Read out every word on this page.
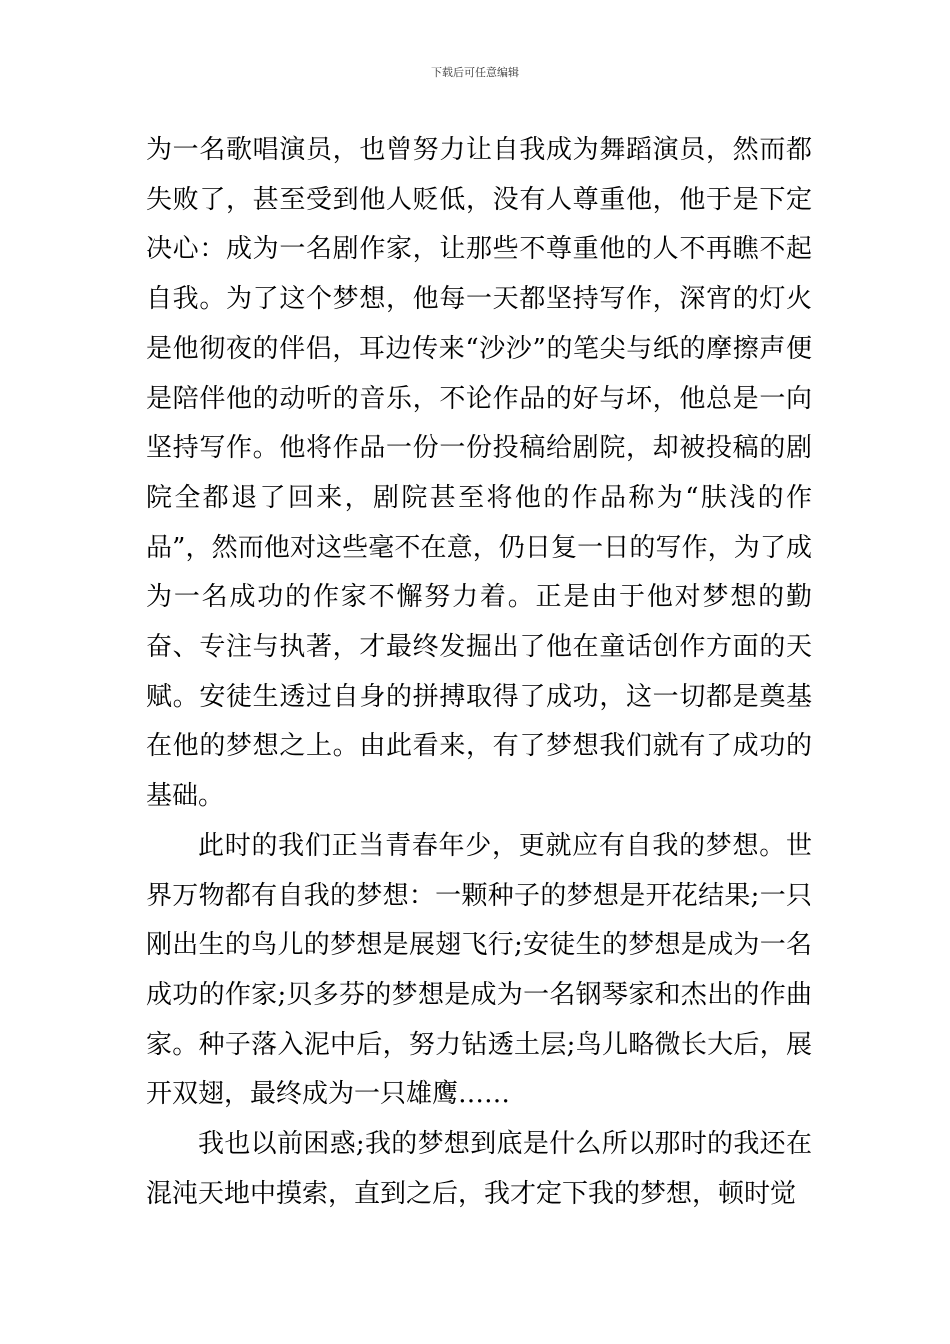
下载后可任意编辑

为一名歌唱演员，也曾努力让自我成为舞蹈演员，然而都失败了，甚至受到他人贬低，没有人尊重他，他于是下定决心：成为一名剧作家，让那些不尊重他的人不再瞧不起自我。为了这个梦想，他每一天都坚持写作，深宵的灯火是他彻夜的伴侣，耳边传来“沙沙”的笔尖与纸的摩擦声便是陪伴他的动听的音乐，不论作品的好与坏，他总是一向坚持写作。他将作品一份一份投稿给剧院，却被投稿的剧院全都退了回来，剧院甚至将他的作品称为“肤浅的作品”，然而他对这些毫不在意，仍日复一日的写作，为了成为一名成功的作家不懈努力着。正是由于他对梦想的勤奋、专注与执著，才最终发掘出了他在童话创作方面的天赋。安徒生透过自身的拼搏取得了成功，这一切都是奠基在他的梦想之上。由此看来，有了梦想我们就有了成功的基础。

此时的我们正当青春年少，更就应有自我的梦想。世界万物都有自我的梦想：一颗种子的梦想是开花结果;一只刚出生的鸟儿的梦想是展翅飞行;安徒生的梦想是成为一名成功的作家;贝多芬的梦想是成为一名钢琴家和杰出的作曲家。种子落入泥中后，努力钻透土层;鸟儿略微长大后，展开双翅，最终成为一只雄鹰……

我也以前困惑;我的梦想到底是什么所以那时的我还在混沌天地中摸索，直到之后，我才定下我的梦想，顿时觉
